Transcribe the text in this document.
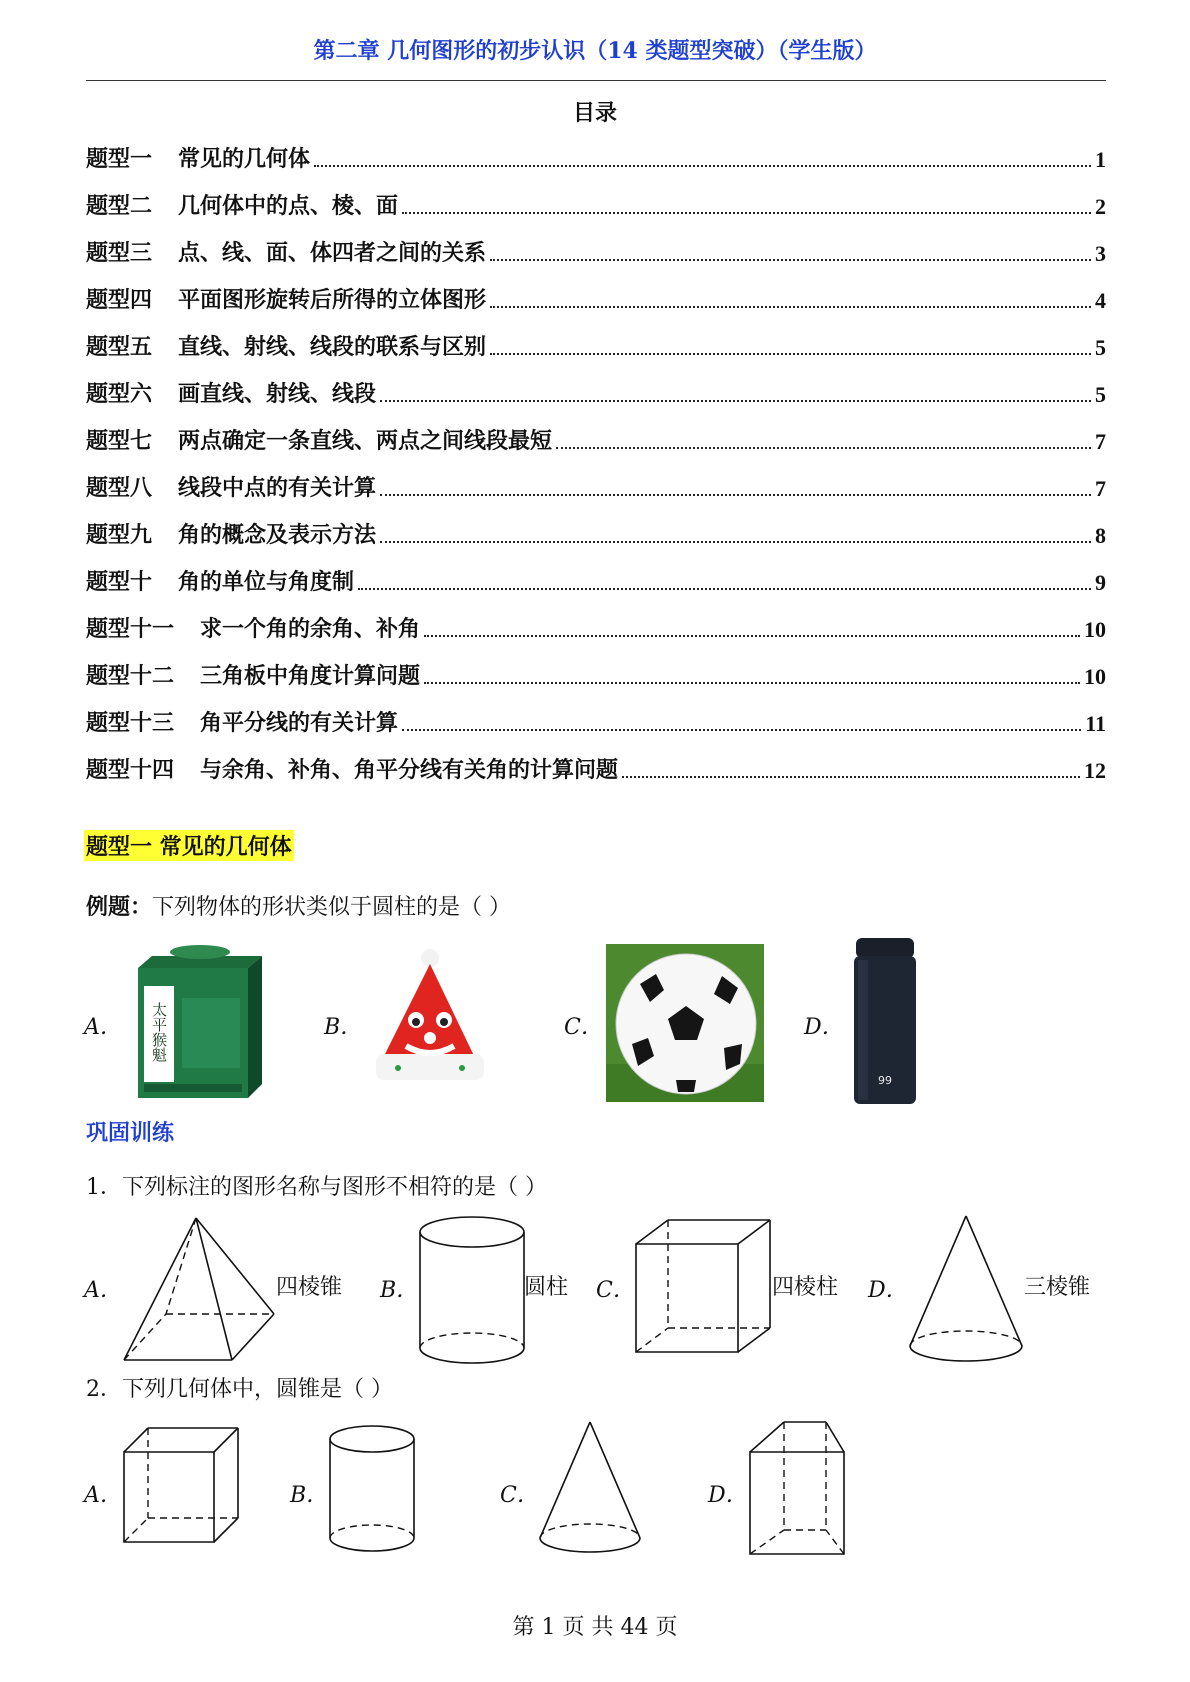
第二章 几何图形的初步认识（14 类题型突破）（学生版）
目录
题型一 常见的几何体	1
题型二 几何体中的点、棱、面	2
题型三 点、线、面、体四者之间的关系	3
题型四 平面图形旋转后所得的立体图形	4
题型五 直线、射线、线段的联系与区别	5
题型六 画直线、射线、线段	5
题型七 两点确定一条直线、两点之间线段最短	7
题型八 线段中点的有关计算	7
题型九 角的概念及表示方法	8
题型十 角的单位与角度制	9
题型十一 求一个角的余角、补角	10
题型十二 三角板中角度计算问题	10
题型十三 角平分线的有关计算	11
题型十四 与余角、补角、角平分线有关角的计算问题	12
题型一 常见的几何体
例题：下列物体的形状类似于圆柱的是（ ）
A．	B．	C．	D．
太平猴魁
99
巩固训练
1．下列标注的图形名称与图形不相符的是（ ）
A．	四棱锥 B．	圆柱 C．	四棱柱 D．	三棱锥
2．下列几何体中，圆锥是（ ）
A．	B．	C．	D．
第 1 页 共 44 页
